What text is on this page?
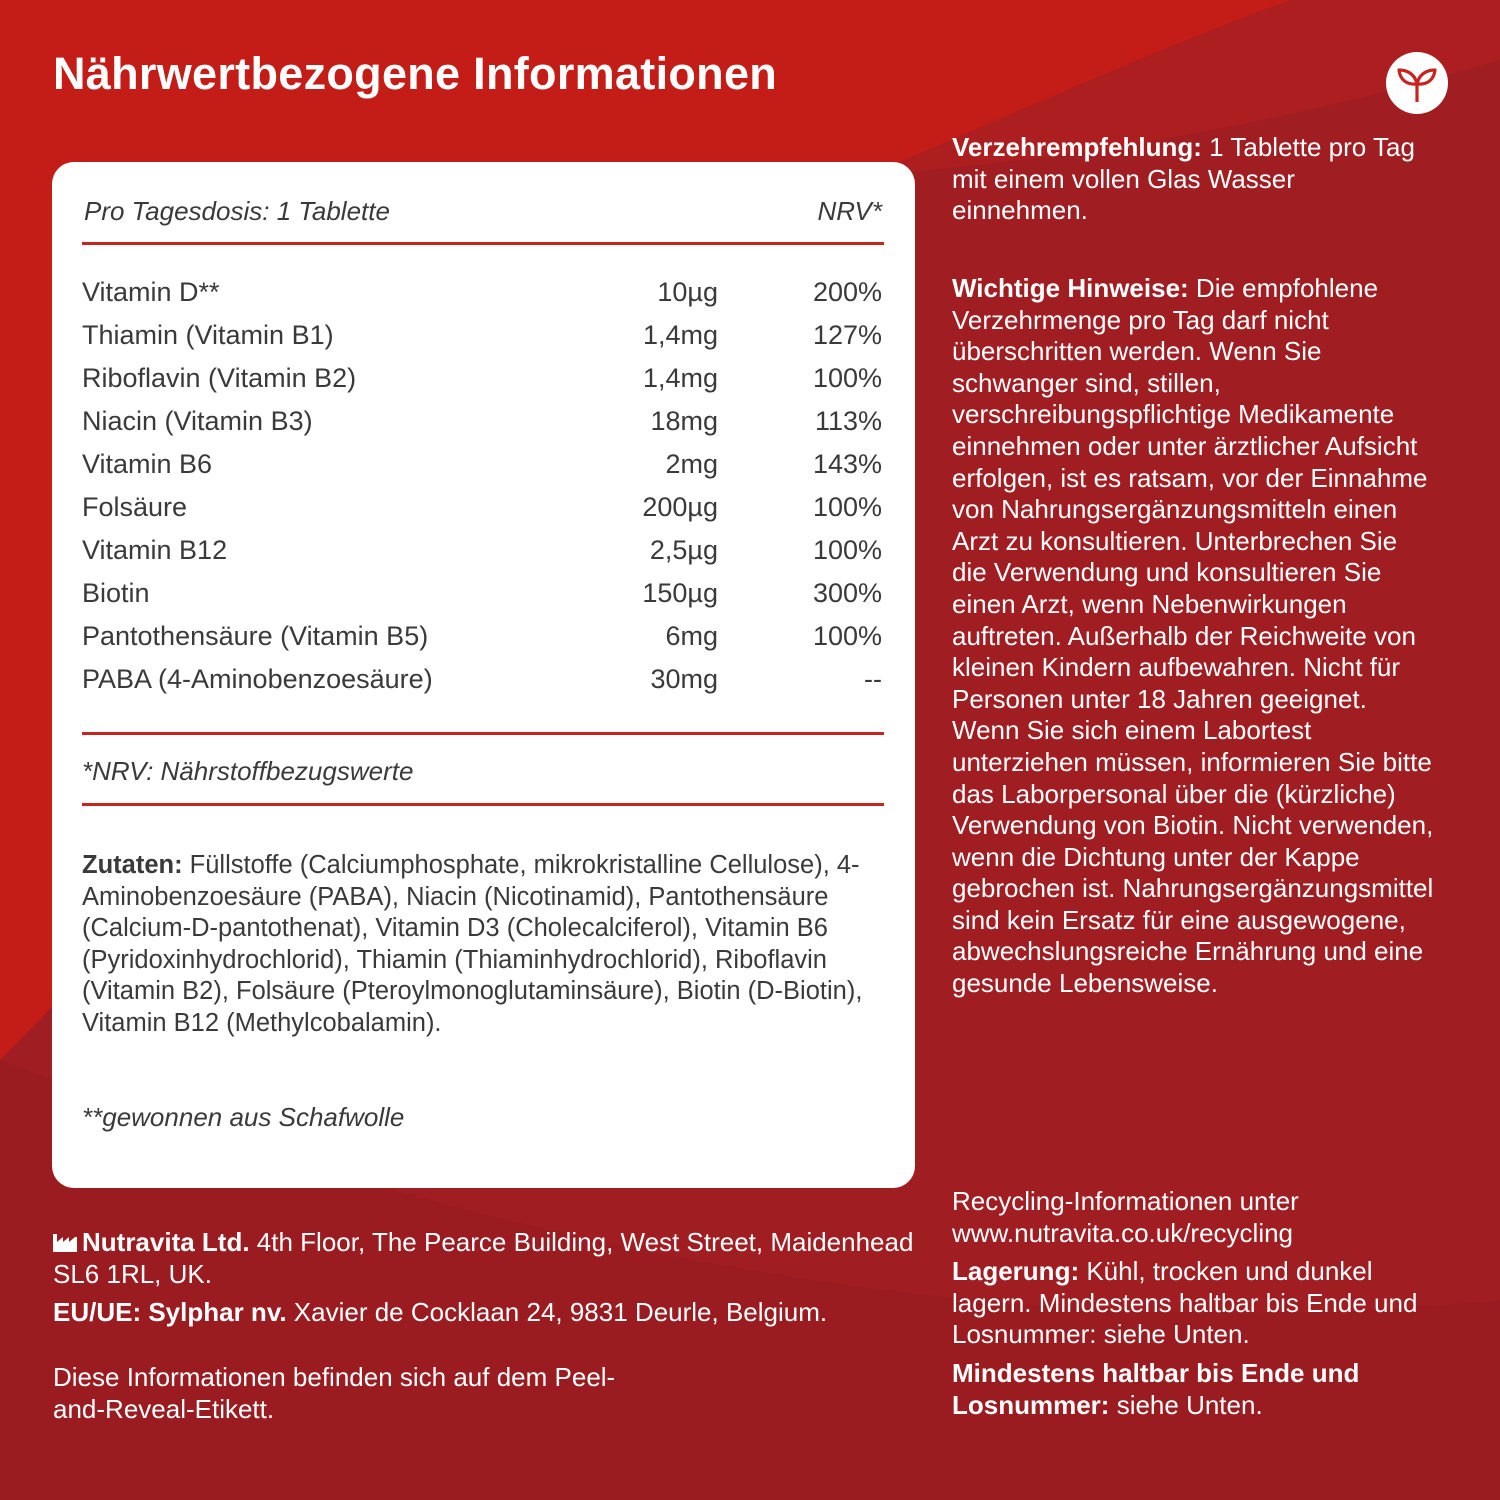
Nährwertbezogene Informationen
Pro Tagesdosis: 1 Tablette	NRV*
Vitamin D**	10µg	200%
Thiamin (Vitamin B1)	1,4mg	127%
Riboflavin (Vitamin B2)	1,4mg	100%
Niacin (Vitamin B3)	18mg	113%
Vitamin B6	2mg	143%
Folsäure	200µg	100%
Vitamin B12	2,5µg	100%
Biotin	150µg	300%
Pantothensäure (Vitamin B5)	6mg	100%
PABA (4-Aminobenzoesäure)	30mg	--
*NRV: Nährstoffbezugswerte
Zutaten: Füllstoffe (Calciumphosphate, mikrokristalline Cellulose), 4-Aminobenzoesäure (PABA), Niacin (Nicotinamid), Pantothensäure (Calcium-D-pantothenat), Vitamin D3 (Cholecalciferol), Vitamin B6 (Pyridoxinhydrochlorid), Thiamin (Thiaminhydrochlorid), Riboflavin (Vitamin B2), Folsäure (Pteroylmonoglutaminsäure), Biotin (D-Biotin), Vitamin B12 (Methylcobalamin).
**gewonnen aus Schafwolle
Nutravita Ltd. 4th Floor, The Pearce Building, West Street, Maidenhead SL6 1RL, UK.
EU/UE: Sylphar nv. Xavier de Cocklaan 24, 9831 Deurle, Belgium.
Diese Informationen befinden sich auf dem Peel-and-Reveal-Etikett.
Verzehrempfehlung: 1 Tablette pro Tag mit einem vollen Glas Wasser einnehmen.
Wichtige Hinweise: Die empfohlene Verzehrmenge pro Tag darf nicht überschritten werden. Wenn Sie schwanger sind, stillen, verschreibungspflichtige Medikamente einnehmen oder unter ärztlicher Aufsicht erfolgen, ist es ratsam, vor der Einnahme von Nahrungsergänzungsmitteln einen Arzt zu konsultieren. Unterbrechen Sie die Verwendung und konsultieren Sie einen Arzt, wenn Nebenwirkungen auftreten. Außerhalb der Reichweite von kleinen Kindern aufbewahren. Nicht für Personen unter 18 Jahren geeignet. Wenn Sie sich einem Labortest unterziehen müssen, informieren Sie bitte das Laborpersonal über die (kürzliche) Verwendung von Biotin. Nicht verwenden, wenn die Dichtung unter der Kappe gebrochen ist. Nahrungsergänzungsmittel sind kein Ersatz für eine ausgewogene, abwechslungsreiche Ernährung und eine gesunde Lebensweise.
Recycling-Informationen unter www.nutravita.co.uk/recycling
Lagerung: Kühl, trocken und dunkel lagern. Mindestens haltbar bis Ende und Losnummer: siehe Unten.
Mindestens haltbar bis Ende und Losnummer: siehe Unten.
